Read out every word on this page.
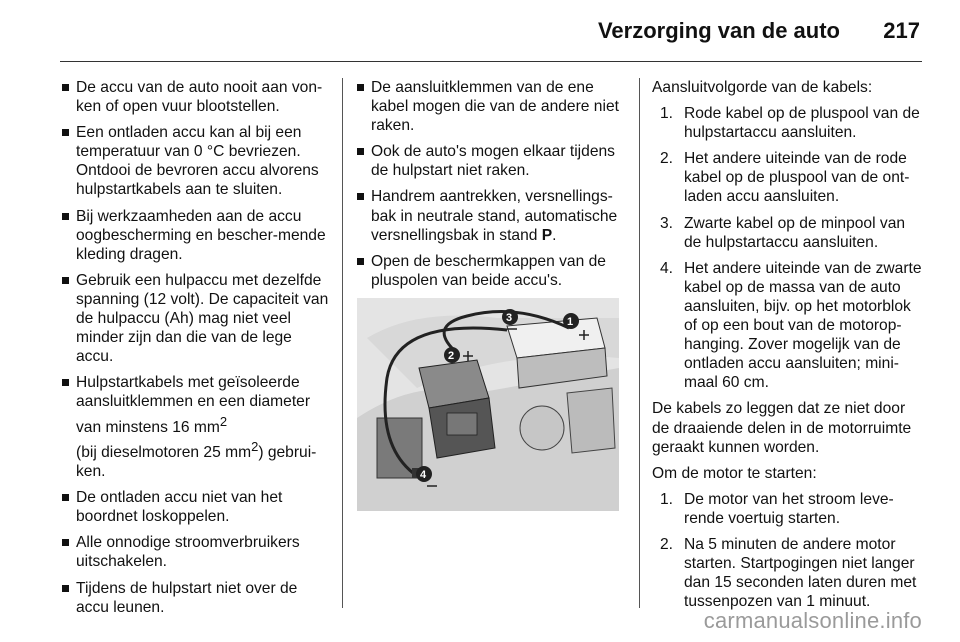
Verzorging van de auto 217
De accu van de auto nooit aan von-ken of open vuur blootstellen.
Een ontladen accu kan al bij een temperatuur van 0 °C bevriezen. Ontdooi de bevroren accu alvorens hulpstartkabels aan te sluiten.
Bij werkzaamheden aan de accu oogbescherming en bescher-mende kleding dragen.
Gebruik een hulpaccu met dezelfde spanning (12 volt). De capaciteit van de hulpaccu (Ah) mag niet veel minder zijn dan die van de lege accu.
Hulpstartkabels met geïsoleerde aansluitklemmen en een diameter van minstens 16 $mm^2$
(bij dieselmotoren 25 $mm^2$) gebrui-ken.
De ontladen accu niet van het boordnet loskoppelen.
Alle onnodige stroomverbruikers uitschakelen.
Tijdens de hulpstart niet over de accu leunen.
De aansluitklemmen van de ene kabel mogen die van de andere niet raken.
Ook de auto's mogen elkaar tijdens de hulpstart niet raken.
Handrem aantrekken, versnellings-bak in neutrale stand, automatische versnellingsbak in stand P.
Open de beschermkappen van de pluspolen van beide accu's.
1
2
3
4

Aansluitvolgorde van de kabels:

1. Rode kabel op de pluspool van de hulpstartaccu aansluiten.
2. Het andere uiteinde van de rode kabel op de pluspool van de ont-laden accu aansluiten.
3. Zwarte kabel op de minpool van de hulpstartaccu aansluiten.
4. Het andere uiteinde van de zwarte kabel op de massa van de auto aansluiten, bijv. op het motorblok of op een bout van de motorop-hanging. Zover mogelijk van de ontladen accu aansluiten; mini-maal 60 cm.

De kabels zo leggen dat ze niet door de draaiende delen in de motorruimte geraakt kunnen worden.

Om de motor te starten:

1. De motor van het stroom leve-rende voertuig starten.
2. Na 5 minuten de andere motor starten. Startpogingen niet langer dan 15 seconden laten duren met tussenpozen van 1 minuut.
carmanualsonline.info
